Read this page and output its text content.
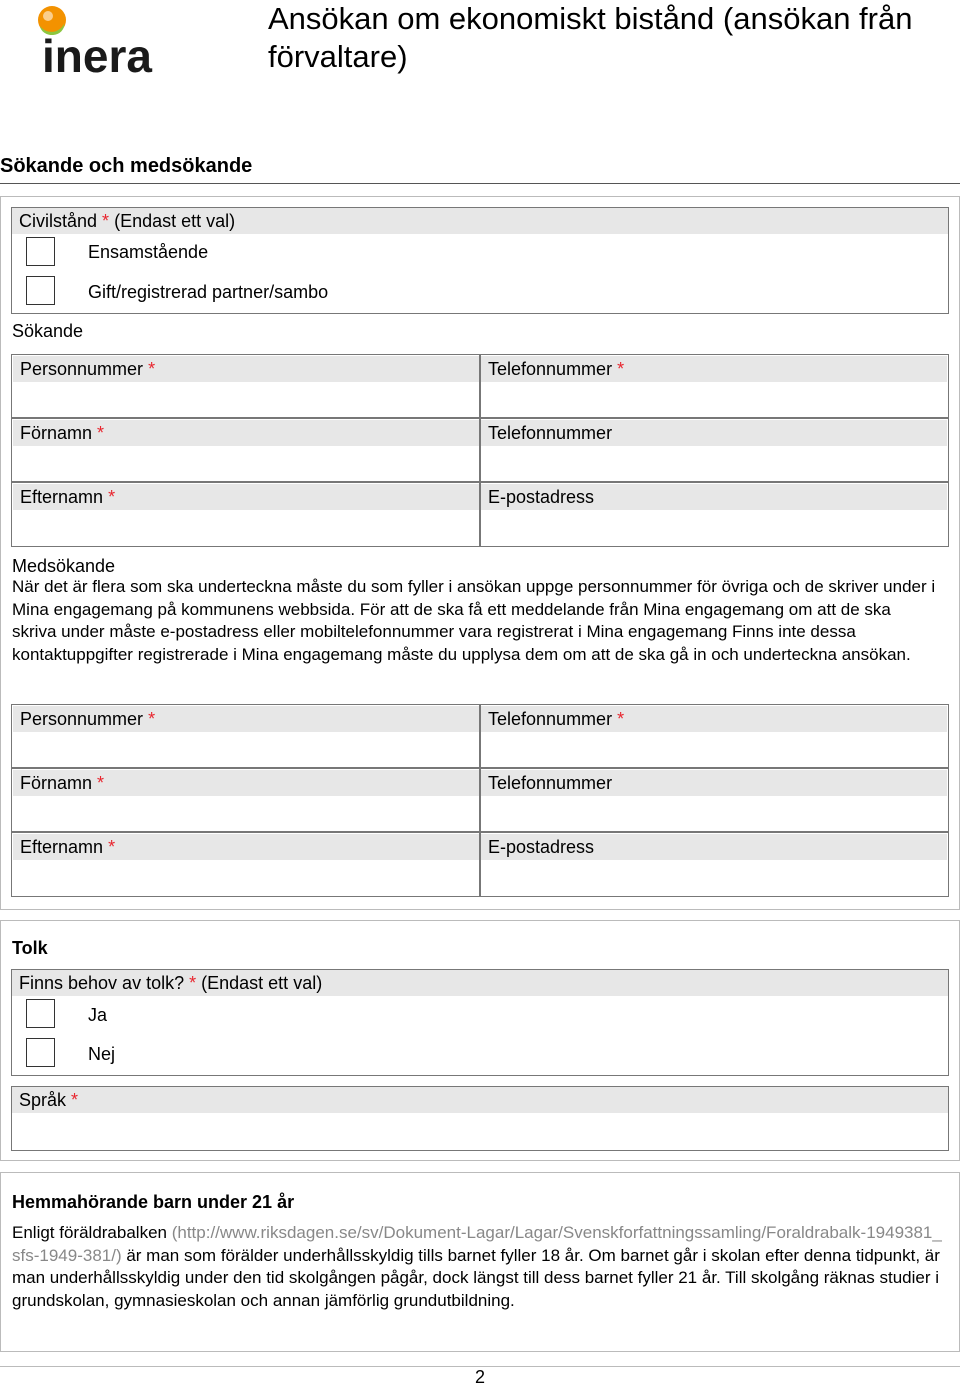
inera
Ansökan om ekonomiskt bistånd (ansökan från förvaltare)
Sökande och medsökande
Civilstånd * (Endast ett val)
Ensamstående
Gift/registrerad partner/sambo
Sökande
Personnummer *	Telefonnummer *
Förnamn *	Telefonnummer
Efternamn *	E-postadress
Medsökande
När det är flera som ska underteckna måste du som fyller i ansökan uppge personnummer för övriga och de skriver under i Mina engagemang på kommunens webbsida. För att de ska få ett meddelande från Mina engagemang om att de ska skriva under måste e-postadress eller mobiltelefonnummer vara registrerat i Mina engagemang Finns inte dessa kontaktuppgifter registrerade i Mina engagemang måste du upplysa dem om att de ska gå in och underteckna ansökan.
Personnummer *	Telefonnummer *
Förnamn *	Telefonnummer
Efternamn *	E-postadress
Tolk
Finns behov av tolk? * (Endast ett val)
Ja
Nej
Språk *
Hemmahörande barn under 21 år
Enligt föräldrabalken (http://www.riksdagen.se/sv/Dokument-Lagar/Lagar/Svenskforfattningssamling/Foraldrabalk-1949381_sfs-1949-381/) är man som förälder underhållsskyldig tills barnet fyller 18 år. Om barnet går i skolan efter denna tidpunkt, är man underhållsskyldig under den tid skolgången pågår, dock längst till dess barnet fyller 21 år. Till skolgång räknas studier i grundskolan, gymnasieskolan och annan jämförlig grundutbildning.
2
